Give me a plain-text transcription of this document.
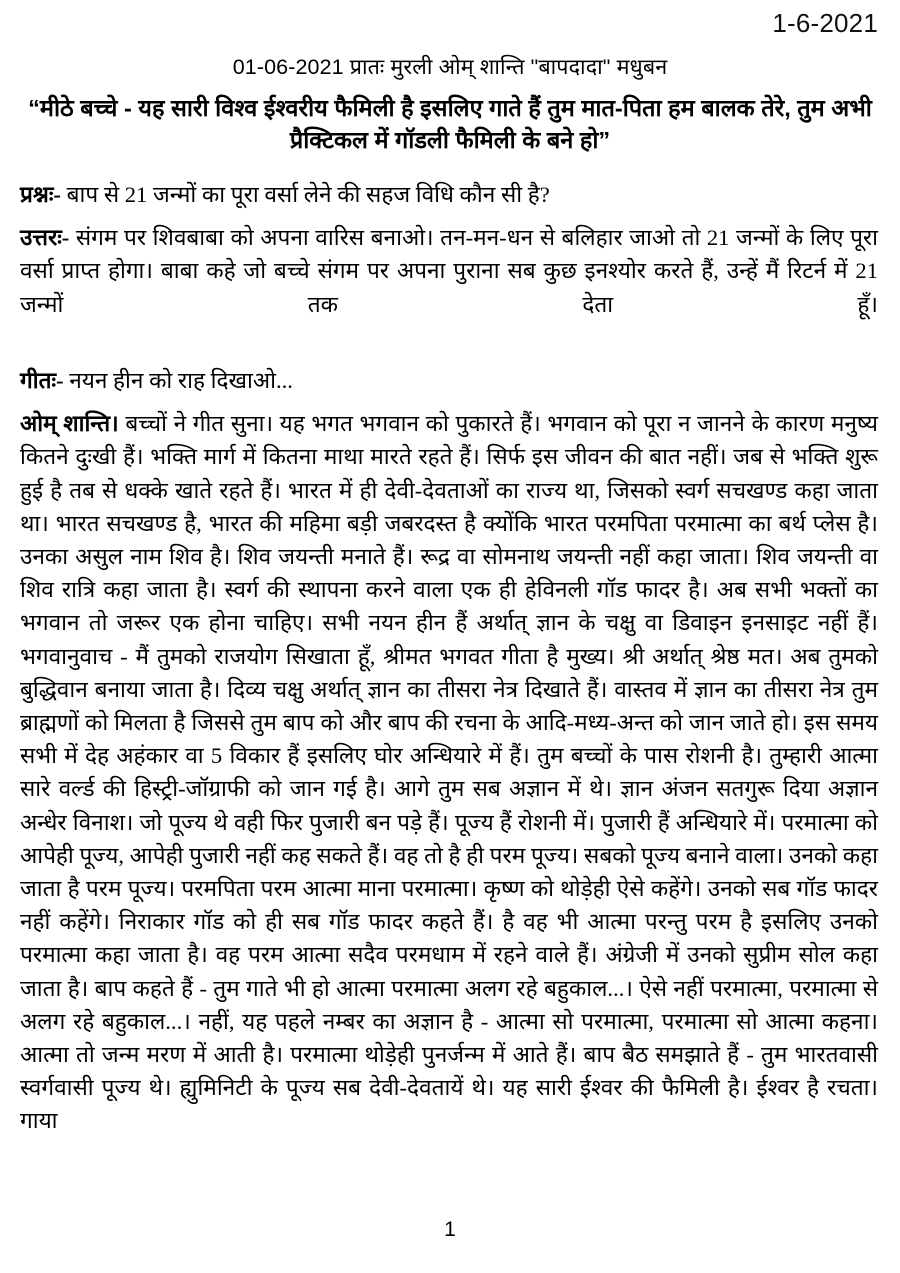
1-6-2021
01-06-2021 प्रातः मुरली ओम् शान्ति "बापदादा" मधुबन
“मीठे बच्चे - यह सारी विश्व ईश्वरीय फैमिली है इसलिए गाते हैं तुम मात-पिता हम बालक तेरे, तुम अभी प्रैक्टिकल में गॉडली फैमिली के बने हो”

प्रश्नः- बाप से 21 जन्मों का पूरा वर्सा लेने की सहज विधि कौन सी है?

उत्तरः- संगम पर शिवबाबा को अपना वारिस बनाओ। तन-मन-धन से बलिहार जाओ तो 21 जन्मों के लिए पूरा वर्सा प्राप्त होगा। बाबा कहे जो बच्चे संगम पर अपना पुराना सब कुछ इनश्योर करते हैं, उन्हें मैं रिटर्न में 21 जन्मों तक देता हूँ।

गीतः- नयन हीन को राह दिखाओ...

ओम् शान्ति। बच्चों ने गीत सुना। यह भगत भगवान को पुकारते हैं। भगवान को पूरा न जानने के कारण मनुष्य कितने दुःखी हैं। भक्ति मार्ग में कितना माथा मारते रहते हैं। सिर्फ इस जीवन की बात नहीं। जब से भक्ति शुरू हुई है तब से धक्के खाते रहते हैं। भारत में ही देवी-देवताओं का राज्य था, जिसको स्वर्ग सचखण्ड कहा जाता था। भारत सचखण्ड है, भारत की महिमा बड़ी जबरदस्त है क्योंकि भारत परमपिता परमात्मा का बर्थ प्लेस है। उनका असुल नाम शिव है। शिव जयन्ती मनाते हैं। रूद्र वा सोमनाथ जयन्ती नहीं कहा जाता। शिव जयन्ती वा शिव रात्रि कहा जाता है। स्वर्ग की स्थापना करने वाला एक ही हेविनली गॉड फादर है। अब सभी भक्तों का भगवान तो जरूर एक होना चाहिए। सभी नयन हीन हैं अर्थात् ज्ञान के चक्षु वा डिवाइन इनसाइट नहीं हैं। भगवानुवाच - मैं तुमको राजयोग सिखाता हूँ, श्रीमत भगवत गीता है मुख्य। श्री अर्थात् श्रेष्ठ मत। अब तुमको बुद्धिवान बनाया जाता है। दिव्य चक्षु अर्थात् ज्ञान का तीसरा नेत्र दिखाते हैं। वास्तव में ज्ञान का तीसरा नेत्र तुम ब्राह्मणों को मिलता है जिससे तुम बाप को और बाप की रचना के आदि-मध्य-अन्त को जान जाते हो। इस समय सभी में देह अहंकार वा 5 विकार हैं इसलिए घोर अन्धियारे में हैं। तुम बच्चों के पास रोशनी है। तुम्हारी आत्मा सारे वर्ल्ड की हिस्ट्री-जॉग्राफी को जान गई है। आगे तुम सब अज्ञान में थे। ज्ञान अंजन सतगुरू दिया अज्ञान अन्धेर विनाश। जो पूज्य थे वही फिर पुजारी बन पड़े हैं। पूज्य हैं रोशनी में। पुजारी हैं अन्धियारे में। परमात्मा को आपेही पूज्य, आपेही पुजारी नहीं कह सकते हैं। वह तो है ही परम पूज्य। सबको पूज्य बनाने वाला। उनको कहा जाता है परम पूज्य। परमपिता परम आत्मा माना परमात्मा। कृष्ण को थोड़ेही ऐसे कहेंगे। उनको सब गॉड फादर नहीं कहेंगे। निराकार गॉड को ही सब गॉड फादर कहते हैं। है वह भी आत्मा परन्तु परम है इसलिए उनको परमात्मा कहा जाता है। वह परम आत्मा सदैव परमधाम में रहने वाले हैं। अंग्रेजी में उनको सुप्रीम सोल कहा जाता है। बाप कहते हैं - तुम गाते भी हो आत्मा परमात्मा अलग रहे बहुकाल...। ऐसे नहीं परमात्मा, परमात्मा से अलग रहे बहुकाल...। नहीं, यह पहले नम्बर का अज्ञान है - आत्मा सो परमात्मा, परमात्मा सो आत्मा कहना। आत्मा तो जन्म मरण में आती है। परमात्मा थोड़ेही पुनर्जन्म में आते हैं। बाप बैठ समझाते हैं - तुम भारतवासी स्वर्गवासी पूज्य थे। ह्युमिनिटी के पूज्य सब देवी-देवतायें थे। यह सारी ईश्वर की फैमिली है। ईश्वर है रचता। गाया

1
